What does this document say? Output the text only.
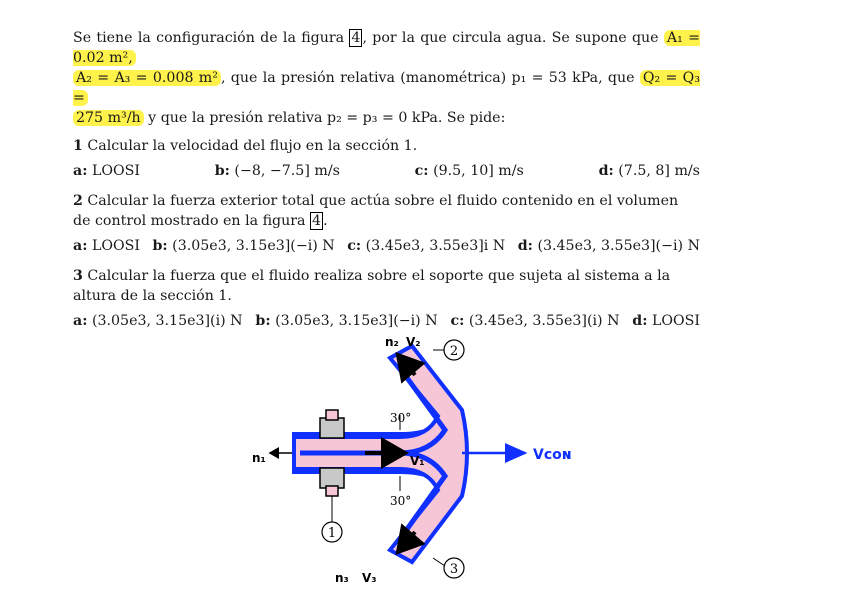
Se tiene la configuración de la figura 4 , por la que circula agua. Se supone que A₁ = 0.02 m²,
A₂ = A₃ = 0.008 m² , que la presión relativa (manométrica) p₁ = 53 kPa, que Q₂ = Q₃ =
275 m³/h y que la presión relativa p₂ = p₃ = 0 kPa. Se pide:

1 Calcular la velocidad del flujo en la sección 1.

a: LOOSI	b: (−8, −7.5] m/s	c: (9.5, 10] m/s	d: (7.5, 8] m/s

2 Calcular la fuerza exterior total que actúa sobre el fluido contenido en el volumen de control mostrado en la figura 4 .

a: LOOSI b: (3.05e3, 3.15e3](−i) N c: (3.45e3, 3.55e3]i N d: (3.45e3, 3.55e3](−i) N

3 Calcular la fuerza que el fluido realiza sobre el soporte que sujeta al sistema a la altura de la sección 1.

a: (3.05e3, 3.15e3](i) N b: (3.05e3, 3.15e3](−i) N c: (3.45e3, 3.55e3](i) N d: LOOSI
2
3
1
30°
30°
n₁	V₁
n₂ V₂
n₃ V₃
Vᴄᴏɴ
